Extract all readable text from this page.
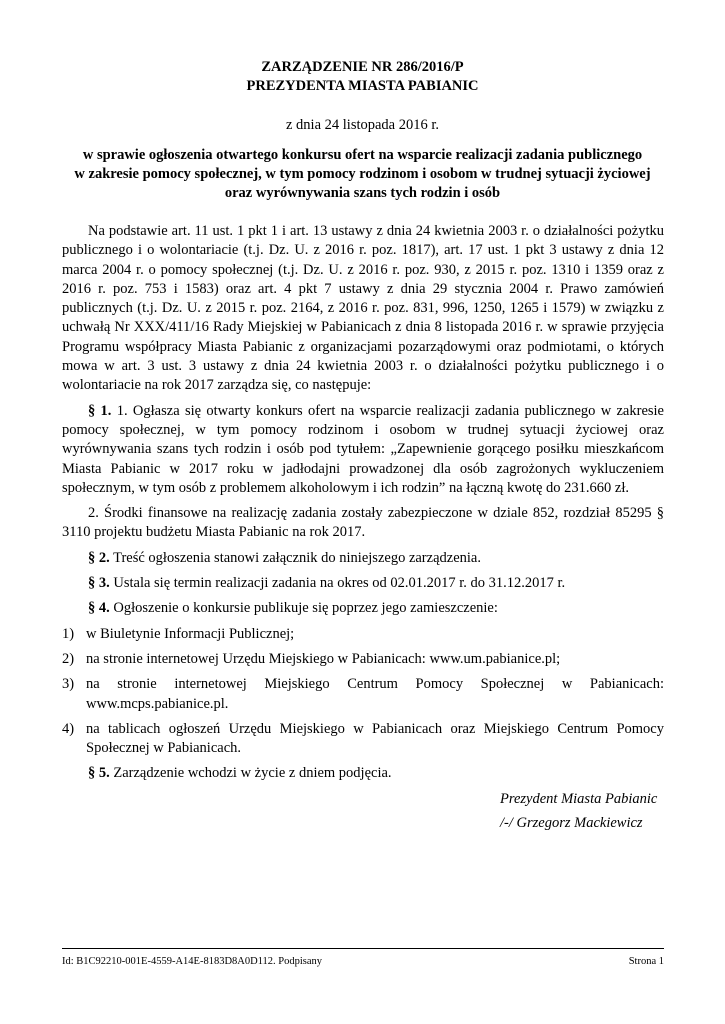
ZARZĄDZENIE NR 286/2016/P
PREZYDENTA MIASTA PABIANIC
z dnia 24 listopada 2016 r.
w sprawie ogłoszenia otwartego konkursu ofert na wsparcie realizacji zadania publicznego
w zakresie pomocy społecznej, w tym pomocy rodzinom i osobom w trudnej sytuacji życiowej
oraz wyrównywania szans tych rodzin i osób

Na podstawie art. 11 ust. 1 pkt 1 i art. 13 ustawy z dnia 24 kwietnia 2003 r. o działalności pożytku publicznego i o wolontariacie (t.j. Dz. U. z 2016 r. poz. 1817), art. 17 ust. 1 pkt 3 ustawy z dnia 12 marca 2004 r. o pomocy społecznej (t.j. Dz. U. z 2016 r. poz. 930, z 2015 r. poz. 1310 i 1359 oraz z 2016 r. poz. 753 i 1583) oraz art. 4 pkt 7 ustawy z dnia 29 stycznia 2004 r. Prawo zamówień publicznych (t.j. Dz. U. z 2015 r. poz. 2164, z 2016 r. poz. 831, 996, 1250, 1265 i 1579) w związku z uchwałą Nr XXX/411/16 Rady Miejskiej w Pabianicach z dnia 8 listopada 2016 r. w sprawie przyjęcia Programu współpracy Miasta Pabianic z organizacjami pozarządowymi oraz podmiotami, o których mowa w art. 3 ust. 3 ustawy z dnia 24 kwietnia 2003 r. o działalności pożytku publicznego i o wolontariacie na rok 2017 zarządza się, co następuje:

§ 1. 1. Ogłasza się otwarty konkurs ofert na wsparcie realizacji zadania publicznego w zakresie pomocy społecznej, w tym pomocy rodzinom i osobom w trudnej sytuacji życiowej oraz wyrównywania szans tych rodzin i osób pod tytułem: „Zapewnienie gorącego posiłku mieszkańcom Miasta Pabianic w 2017 roku w jadłodajni prowadzonej dla osób zagrożonych wykluczeniem społecznym, w tym osób z problemem alkoholowym i ich rodzin” na łączną kwotę do 231.660 zł.

2. Środki finansowe na realizację zadania zostały zabezpieczone w dziale 852, rozdział 85295 § 3110 projektu budżetu Miasta Pabianic na rok 2017.

§ 2. Treść ogłoszenia stanowi załącznik do niniejszego zarządzenia.

§ 3. Ustala się termin realizacji zadania na okres od 02.01.2017 r. do 31.12.2017 r.

§ 4. Ogłoszenie o konkursie publikuje się poprzez jego zamieszczenie:

1) w Biuletynie Informacji Publicznej;
2) na stronie internetowej Urzędu Miejskiego w Pabianicach: www.um.pabianice.pl;
3) na stronie internetowej Miejskiego Centrum Pomocy Społecznej w Pabianicach: www.mcps.pabianice.pl.
4) na tablicach ogłoszeń Urzędu Miejskiego w Pabianicach oraz Miejskiego Centrum Pomocy Społecznej w Pabianicach.

§ 5. Zarządzenie wchodzi w życie z dniem podjęcia.

Prezydent Miasta Pabianic
/-/ Grzegorz Mackiewicz
Id: B1C92210-001E-4559-A14E-8183D8A0D112. Podpisany	Strona 1
